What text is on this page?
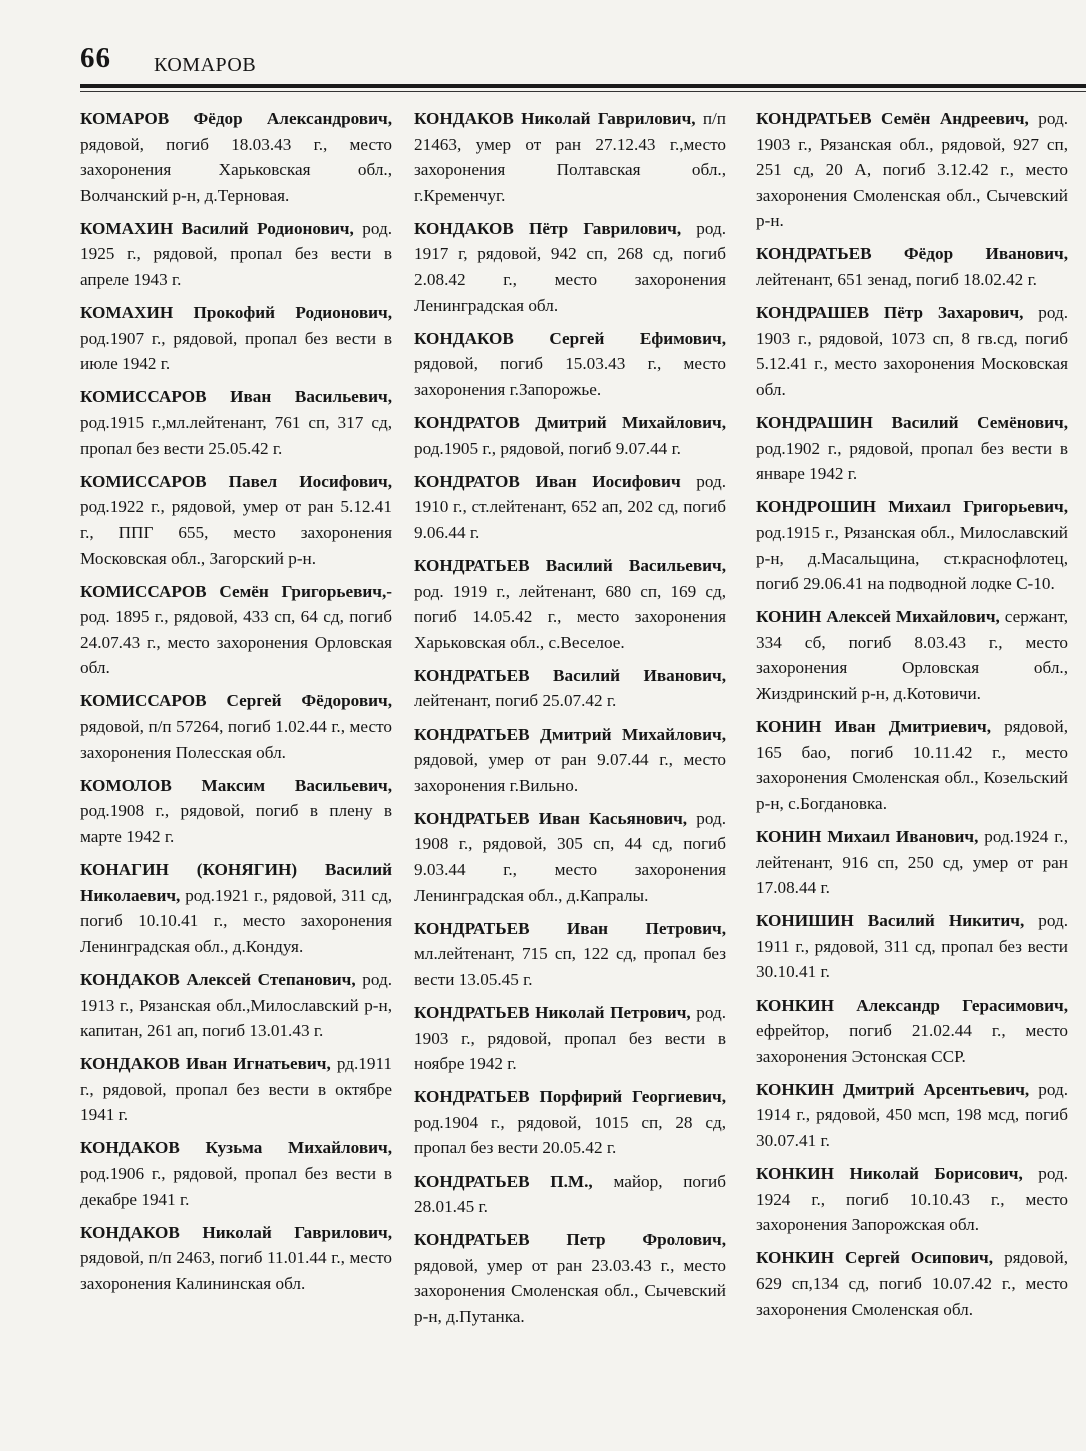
66 КОМАРОВ

КОМАРОВ Фёдор Александрович, рядовой, погиб 18.03.43 г., место захоронения Харьковская обл., Волчанский р-н, д.Терновая.

КОМАХИН Василий Родионович, род. 1925 г., рядовой, пропал без вести в апреле 1943 г.

КОМАХИН Прокофий Родионович, род.1907 г., рядовой, пропал без вести в июле 1942 г.

КОМИССАРОВ Иван Васильевич, род.1915 г.,мл.лейтенант, 761 сп, 317 сд, пропал без вести 25.05.42 г.

КОМИССАРОВ Павел Иосифович, род.1922 г., рядовой, умер от ран 5.12.41 г., ППГ 655, место захоронения Московская обл., Загорский р-н.

КОМИССАРОВ Семён Григорьевич,- род. 1895 г., рядовой, 433 сп, 64 сд, погиб 24.07.43 г., место захоронения Орловская обл.

КОМИССАРОВ Сергей Фёдорович, рядовой, п/п 57264, погиб 1.02.44 г., место захоронения Полесская обл.

КОМОЛОВ Максим Васильевич, род.1908 г., рядовой, погиб в плену в марте 1942 г.

КОНАГИН (КОНЯГИН) Василий Николаевич, род.1921 г., рядовой, 311 сд, погиб 10.10.41 г., место захоронения Ленинградская обл., д.Кондуя.

КОНДАКОВ Алексей Степанович, род. 1913 г., Рязанская обл.,Милославский р-н, капитан, 261 ап, погиб 13.01.43 г.

КОНДАКОВ Иван Игнатьевич, рд.1911 г., рядовой, пропал без вести в октябре 1941 г.

КОНДАКОВ Кузьма Михайлович, род.1906 г., рядовой, пропал без вести в декабре 1941 г.

КОНДАКОВ Николай Гаврилович, рядовой, п/п 2463, погиб 11.01.44 г., место захоронения Калининская обл.

КОНДАКОВ Николай Гаврилович, п/п 21463, умер от ран 27.12.43 г.,место захоронения Полтавская обл., г.Кременчуг.

КОНДАКОВ Пётр Гаврилович, род. 1917 г, рядовой, 942 сп, 268 сд, погиб 2.08.42 г., место захоронения Ленинградская обл.

КОНДАКОВ Сергей Ефимович, рядовой, погиб 15.03.43 г., место захоронения г.Запорожье.

КОНДРАТОВ Дмитрий Михайлович, род.1905 г., рядовой, погиб 9.07.44 г.

КОНДРАТОВ Иван Иосифович род. 1910 г., ст.лейтенант, 652 ап, 202 сд, погиб 9.06.44 г.

КОНДРАТЬЕВ Василий Васильевич, род. 1919 г., лейтенант, 680 сп, 169 сд, погиб 14.05.42 г., место захоронения Харьковская обл., с.Веселое.

КОНДРАТЬЕВ Василий Иванович, лейтенант, погиб 25.07.42 г.

КОНДРАТЬЕВ Дмитрий Михайлович, рядовой, умер от ран 9.07.44 г., место захоронения г.Вильно.

КОНДРАТЬЕВ Иван Касьянович, род. 1908 г., рядовой, 305 сп, 44 сд, погиб 9.03.44 г., место захоронения Ленинградская обл., д.Капралы.

КОНДРАТЬЕВ Иван Петрович, мл.лейтенант, 715 сп, 122 сд, пропал без вести 13.05.45 г.

КОНДРАТЬЕВ Николай Петрович, род. 1903 г., рядовой, пропал без вести в ноябре 1942 г.

КОНДРАТЬЕВ Порфирий Георгиевич, род.1904 г., рядовой, 1015 сп, 28 сд, пропал без вести 20.05.42 г.

КОНДРАТЬЕВ П.М., майор, погиб 28.01.45 г.

КОНДРАТЬЕВ Петр Фролович, рядовой, умер от ран 23.03.43 г., место захоронения Смоленская обл., Сычевский р-н, д.Путанка.

КОНДРАТЬЕВ Семён Андреевич, род. 1903 г., Рязанская обл., рядовой, 927 сп, 251 сд, 20 А, погиб 3.12.42 г., место захоронения Смоленская обл., Сычевский р-н.

КОНДРАТЬЕВ Фёдор Иванович, лейтенант, 651 зенад, погиб 18.02.42 г.

КОНДРАШЕВ Пётр Захарович, род. 1903 г., рядовой, 1073 сп, 8 гв.сд, погиб 5.12.41 г., место захоронения Московская обл.

КОНДРАШИН Василий Семёнович, род.1902 г., рядовой, пропал без вести в январе 1942 г.

КОНДРОШИН Михаил Григорьевич, род.1915 г., Рязанская обл., Милославский р-н, д.Масальщина, ст.краснофлотец, погиб 29.06.41 на подводной лодке С-10.

КОНИН Алексей Михайлович, сержант, 334 сб, погиб 8.03.43 г., место захоронения Орловская обл., Жиздринский р-н, д.Котовичи.

КОНИН Иван Дмитриевич, рядовой, 165 бао, погиб 10.11.42 г., место захоронения Смоленская обл., Козельский р-н, с.Богдановка.

КОНИН Михаил Иванович, род.1924 г., лейтенант, 916 сп, 250 сд, умер от ран 17.08.44 г.

КОНИШИН Василий Никитич, род. 1911 г., рядовой, 311 сд, пропал без вести 30.10.41 г.

КОНКИН Александр Герасимович, ефрейтор, погиб 21.02.44 г., место захоронения Эстонская ССР.

КОНКИН Дмитрий Арсентьевич, род. 1914 г., рядовой, 450 мсп, 198 мсд, погиб 30.07.41 г.

КОНКИН Николай Борисович, род. 1924 г., погиб 10.10.43 г., место захоронения Запорожская обл.

КОНКИН Сергей Осипович, рядовой, 629 сп,134 сд, погиб 10.07.42 г., место захоронения Смоленская обл.
